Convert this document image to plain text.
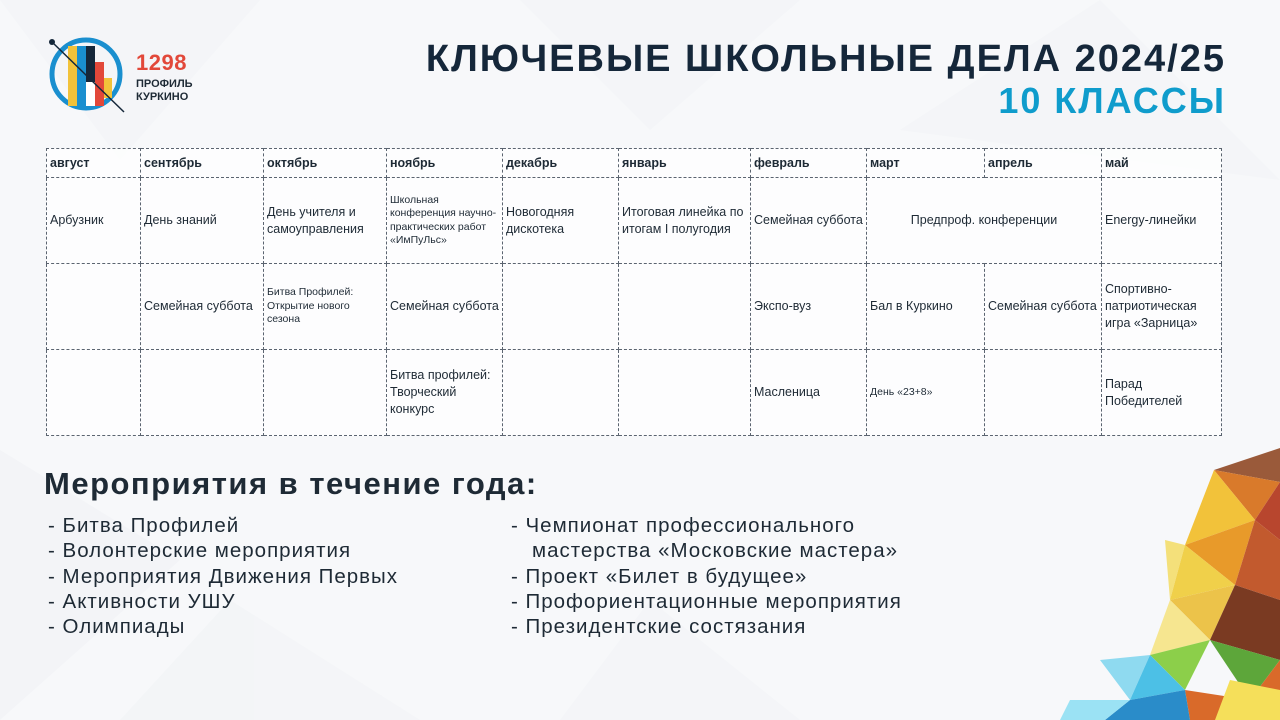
1298
ПРОФИЛЬ
КУРКИНО
КЛЮЧЕВЫЕ ШКОЛЬНЫЕ ДЕЛА 2024/25
10 КЛАССЫ
август	сентябрь	октябрь	ноябрь	декабрь	январь	февраль	март	апрель	май
Арбузник	День знаний	День учителя и самоуправления	Школьная конференция научно-практических работ «ИмПуЛьс»	Новогодняя дискотека	Итоговая линейка по итогам I полугодия	Семейная суббота	Предпроф. конференции		Energy-линейки
	Семейная суббота	Битва Профилей: Открытие нового сезона	Семейная суббота			Экспо-вуз	Бал в Куркино	Семейная суббота	Спортивно-патриотическая игра «Зарница»
			Битва профилей: Творческий конкурс			Масленица	День «23+8»		Парад Победителей
Мероприятия в течение года:
- Битва Профилей
- Волонтерские мероприятия
- Мероприятия Движения Первых
- Активности УШУ
- Олимпиады
- Чемпионат профессионального
мастерства «Московские мастера»
- Проект «Билет в будущее»
- Профориентационные мероприятия
- Президентские состязания
